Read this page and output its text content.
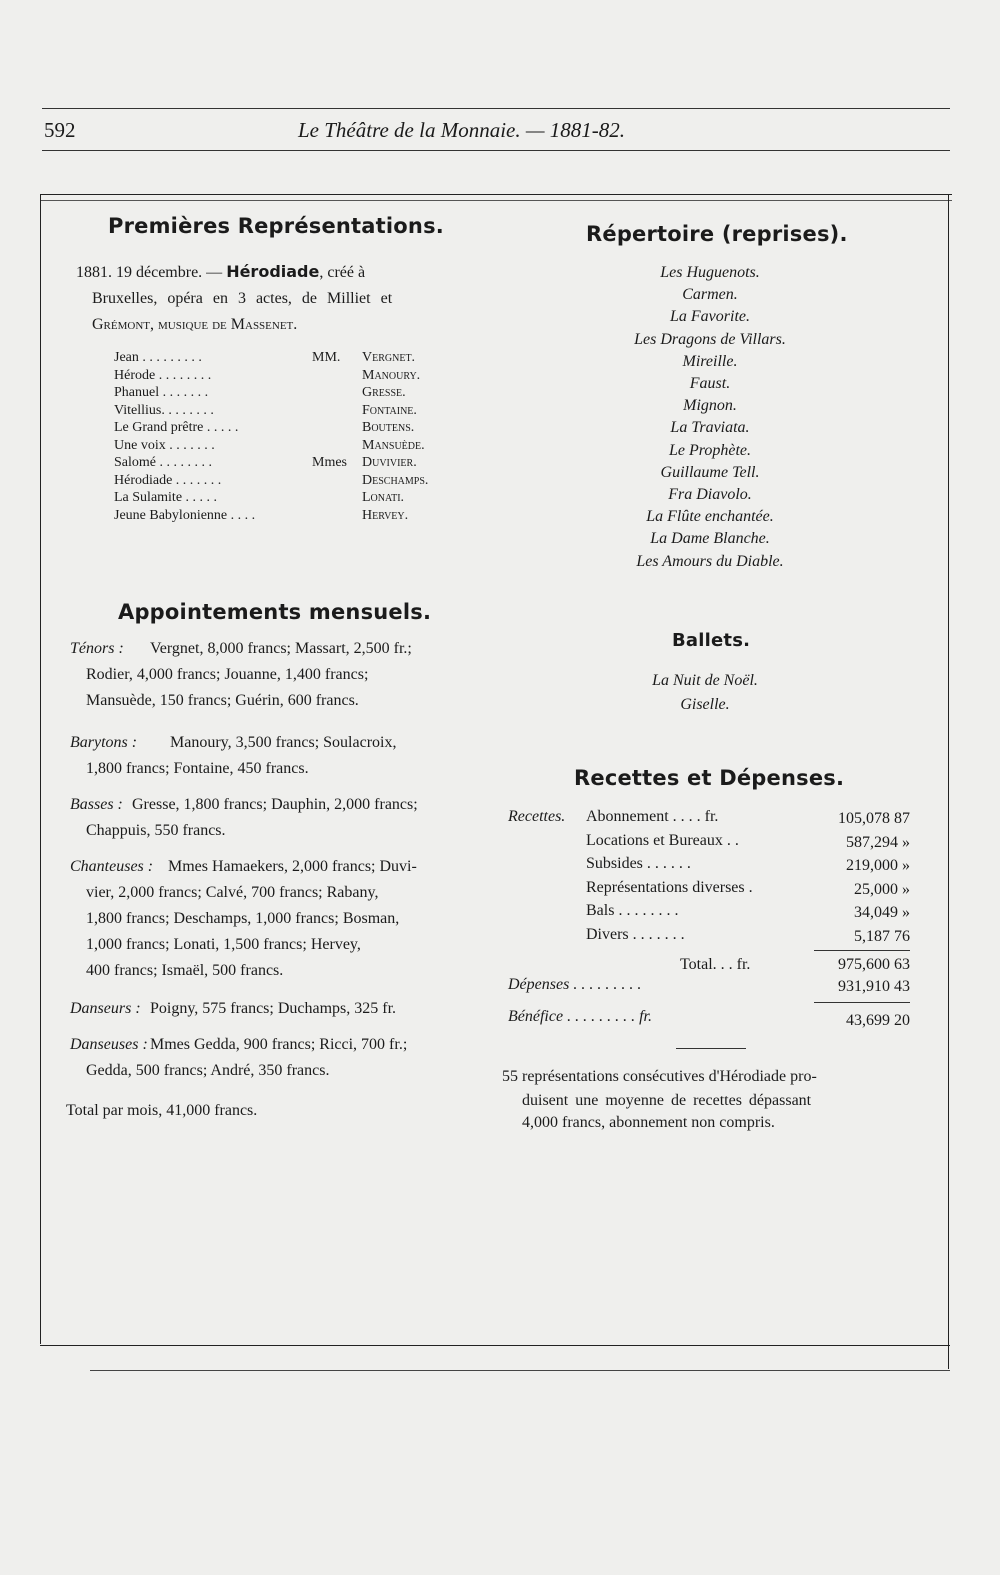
592	Le Théâtre de la Monnaie. — 1881-82.
Premières Représentations.
1881. 19 décembre. — Hérodiade, créé à
Bruxelles, opéra en 3 actes, de Milliet et
Grémont, musique de Massenet.
Jean . . . . . . . . .	MM. Vergnet.
Hérode . . . . . . . .	Manoury.
Phanuel . . . . . . .	Gresse.
Vitellius. . . . . . . .	Fontaine.
Le Grand prêtre . . . . .	Boutens.
Une voix . . . . . . .	Mansuède.
Salomé . . . . . . . .	Mmes Duvivier.
Hérodiade . . . . . . .	Deschamps.
La Sulamite . . . . .	Lonati.
Jeune Babylonienne . . . .	Hervey.
Répertoire (reprises).
Les Huguenots.
Carmen.
La Favorite.
Les Dragons de Villars.
Mireille.
Faust.
Mignon.
La Traviata.
Le Prophète.
Guillaume Tell.
Fra Diavolo.
La Flûte enchantée.
La Dame Blanche.
Les Amours du Diable.
Appointements mensuels.
Ténors : Vergnet, 8,000 francs; Massart, 2,500 fr.;
Rodier, 4,000 francs; Jouanne, 1,400 francs;
Mansuède, 150 francs; Guérin, 600 francs.
Barytons : Manoury, 3,500 francs; Soulacroix,
1,800 francs; Fontaine, 450 francs.
Basses : Gresse, 1,800 francs; Dauphin, 2,000 francs;
Chappuis, 550 francs.
Chanteuses : Mmes Hamaekers, 2,000 francs; Duvi-
vier, 2,000 francs; Calvé, 700 francs; Rabany,
1,800 francs; Deschamps, 1,000 francs; Bosman,
1,000 francs; Lonati, 1,500 francs; Hervey,
400 francs; Ismaël, 500 francs.
Danseurs : Poigny, 575 francs; Duchamps, 325 fr.
Danseuses : Mmes Gedda, 900 francs; Ricci, 700 fr.;
Gedda, 500 francs; André, 350 francs.
Total par mois, 41,000 francs.
Ballets.
La Nuit de Noël.
Giselle.
Recettes et Dépenses.
Recettes. Abonnement . . . . fr.	105,078 87
Locations et Bureaux . .	587,294 »
Subsides . . . . . .	219,000 »
Représentations diverses .	25,000 »
Bals . . . . . . . .	34,049 »
Divers . . . . . . .	5,187 76
Total. . . fr.	975,600 63
Dépenses . . . . . . . . .	931,910 43
Bénéfice . . . . . . . . . fr.	43,699 20
55 représentations consécutives d'Hérodiade pro-
duisent une moyenne de recettes dépassant
4,000 francs, abonnement non compris.
